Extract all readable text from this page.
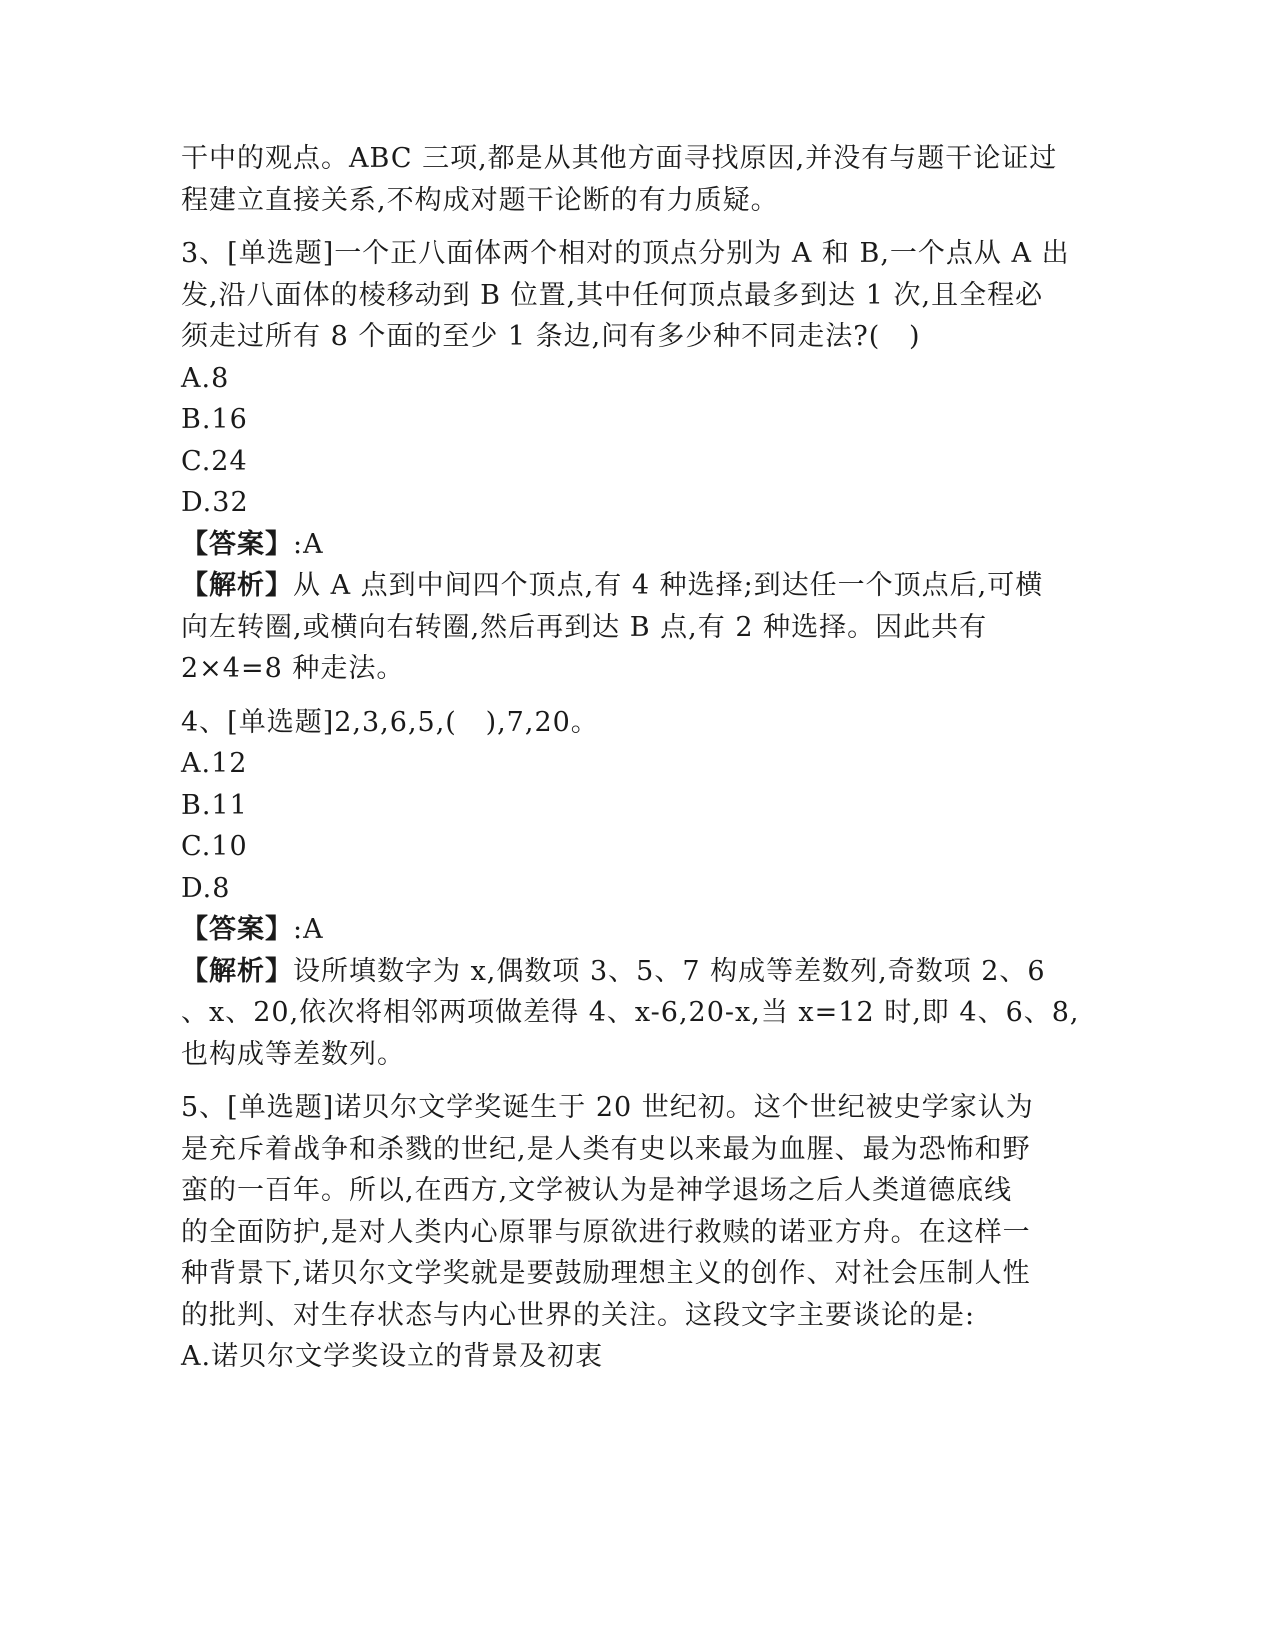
干中的观点。ABC 三项,都是从其他方面寻找原因,并没有与题干论证过
程建立直接关系,不构成对题干论断的有力质疑。
3、[单选题]一个正八面体两个相对的顶点分别为 A 和 B,一个点从 A 出
发,沿八面体的棱移动到 B 位置,其中任何顶点最多到达 1 次,且全程必
须走过所有 8 个面的至少 1 条边,问有多少种不同走法?(   )
A.8
B.16
C.24
D.32
【答案】:A
【解析】从 A 点到中间四个顶点,有 4 种选择;到达任一个顶点后,可横
向左转圈,或横向右转圈,然后再到达 B 点,有 2 种选择。因此共有
2×4=8 种走法。
4、[单选题]2,3,6,5,(   ),7,20。
A.12
B.11
C.10
D.8
【答案】:A
【解析】设所填数字为 x,偶数项 3、5、7 构成等差数列,奇数项 2、6
、x、20,依次将相邻两项做差得 4、x-6,20-x,当 x=12 时,即 4、6、8,
也构成等差数列。
5、[单选题]诺贝尔文学奖诞生于 20 世纪初。这个世纪被史学家认为
是充斥着战争和杀戮的世纪,是人类有史以来最为血腥、最为恐怖和野
蛮的一百年。所以,在西方,文学被认为是神学退场之后人类道德底线
的全面防护,是对人类内心原罪与原欲进行救赎的诺亚方舟。在这样一
种背景下,诺贝尔文学奖就是要鼓励理想主义的创作、对社会压制人性
的批判、对生存状态与内心世界的关注。这段文字主要谈论的是:
A.诺贝尔文学奖设立的背景及初衷
